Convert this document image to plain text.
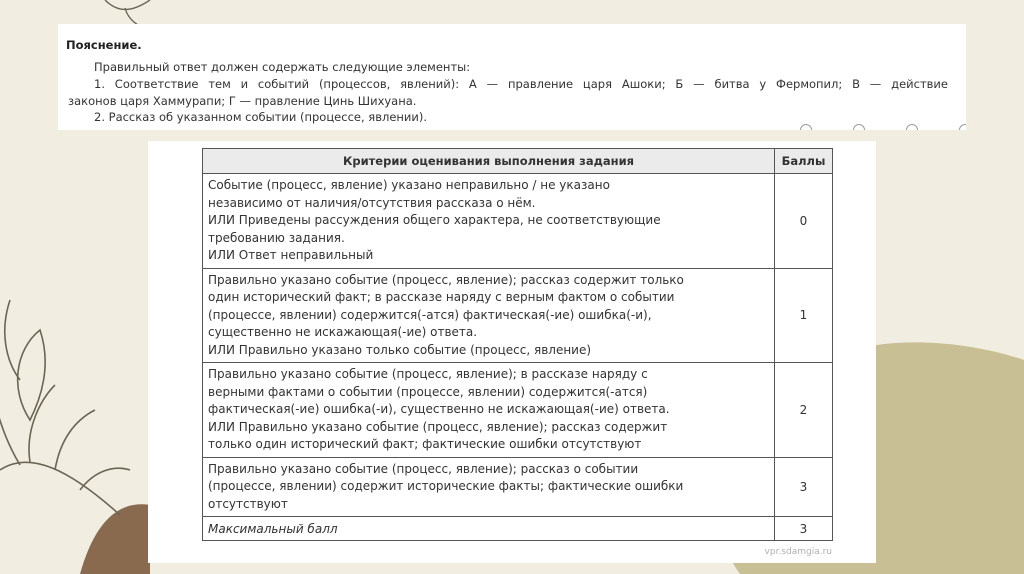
Пояснение.
Правильный ответ должен содержать следующие элементы:
1. Соответствие тем и событий (процессов, явлений): А — правление царя Ашоки; Б — битва у Фермопил; В — действие
законов царя Хаммурапи; Г — правление Цинь Шихуана.
2. Рассказ об указанном событии (процессе, явлении).
Критерии оценивания выполнения задания	Баллы

Событие (процесс, явление) указано неправильно / не указано
независимо от наличия/отсутствия рассказа о нём.
ИЛИ Приведены рассуждения общего характера, не соответствующие
требованию задания.
ИЛИ Ответ неправильный	0

Правильно указано событие (процесс, явление); рассказ содержит только
один исторический факт; в рассказе наряду с верным фактом о событии
(процессе, явлении) содержится(-атся) фактическая(-ие) ошибка(-и),
существенно не искажающая(-ие) ответа.
ИЛИ Правильно указано только событие (процесс, явление)	1

Правильно указано событие (процесс, явление); в рассказе наряду с
верными фактами о событии (процессе, явлении) содержится(-атся)
фактическая(-ие) ошибка(-и), существенно не искажающая(-ие) ответа.
ИЛИ Правильно указано событие (процесс, явление); рассказ содержит
только один исторический факт; фактические ошибки отсутствуют	2

Правильно указано событие (процесс, явление); рассказ о событии
(процессе, явлении) содержит исторические факты; фактические ошибки
отсутствуют	3
Максимальный балл	3
vpr.sdamgia.ru
